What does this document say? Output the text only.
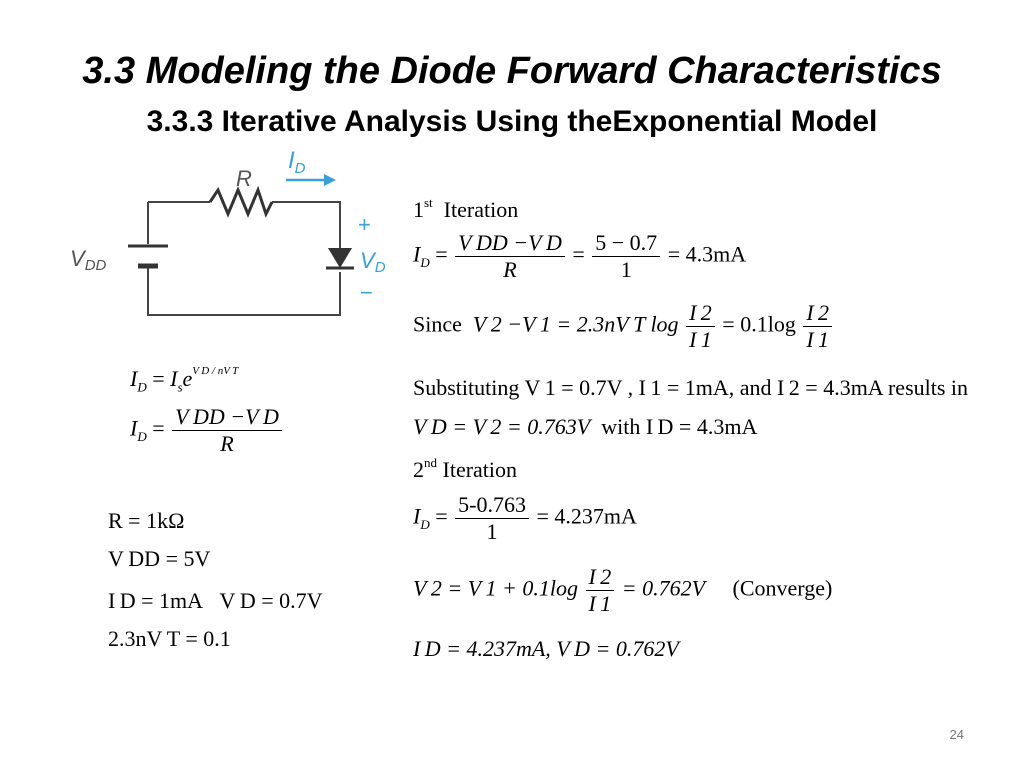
3.3 Modeling the Diode Forward Characteristics
3.3.3 Iterative Analysis Using theExponential Model
R
$I_D$
VDD	VD
+
−
$I_D = I_se^{V D / nV T}$
$I_D = \frac{\text{V DD −V D}}{R}$
R = 1kΩ
V DD = 5V
I D = 1mA V D = 0.7V
2.3nV T = 0.1
1st Iteration
$I_D = \frac{\text{V DD −V D}}{R} = \frac{5 - 0.7}{1} = 4.3mA$
Since V 2 −V 1 = 2.3nV T $\log \frac{I 2}{I 1} = 0.1\log \frac{I 2}{I 1}$
Substituting V 1 = 0.7V , I 1 = 1mA, and I 2 = 4.3mA results in
V D = V 2 = 0.763V with I D = 4.3mA
2nd Iteration
$I_D = \frac{5-0.763}{1} = 4.237mA$
V 2 = V $1 + 0.1\log \frac{I 2}{I 1} = 0.762V$ (Converge)
I D = 4.237mA, V D = 0.762V
24
